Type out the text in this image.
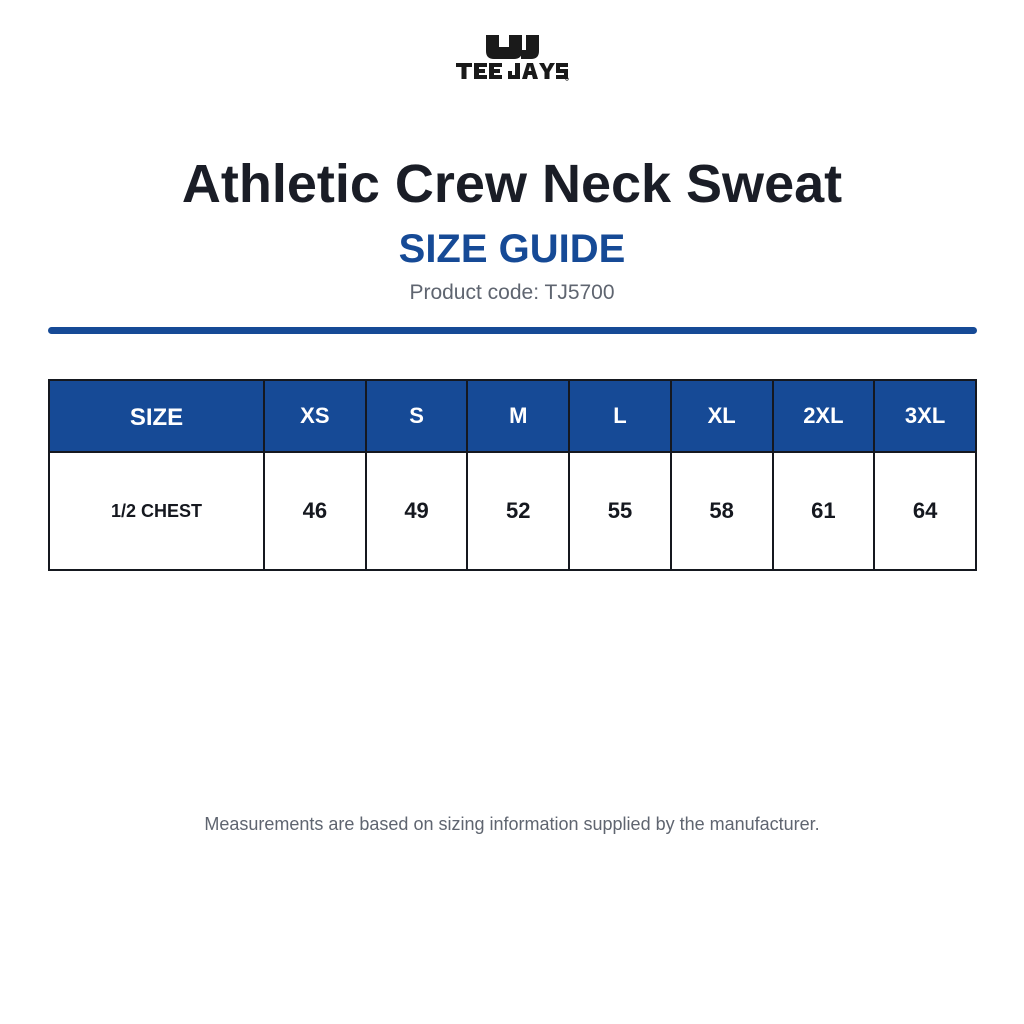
Athletic Crew Neck Sweat
SIZE GUIDE
Product code: TJ5700
SIZE	XS	S	M	L	XL	2XL	3XL
1/2 CHEST	46	49	52	55	58	61	64
Measurements are based on sizing information supplied by the manufacturer.
